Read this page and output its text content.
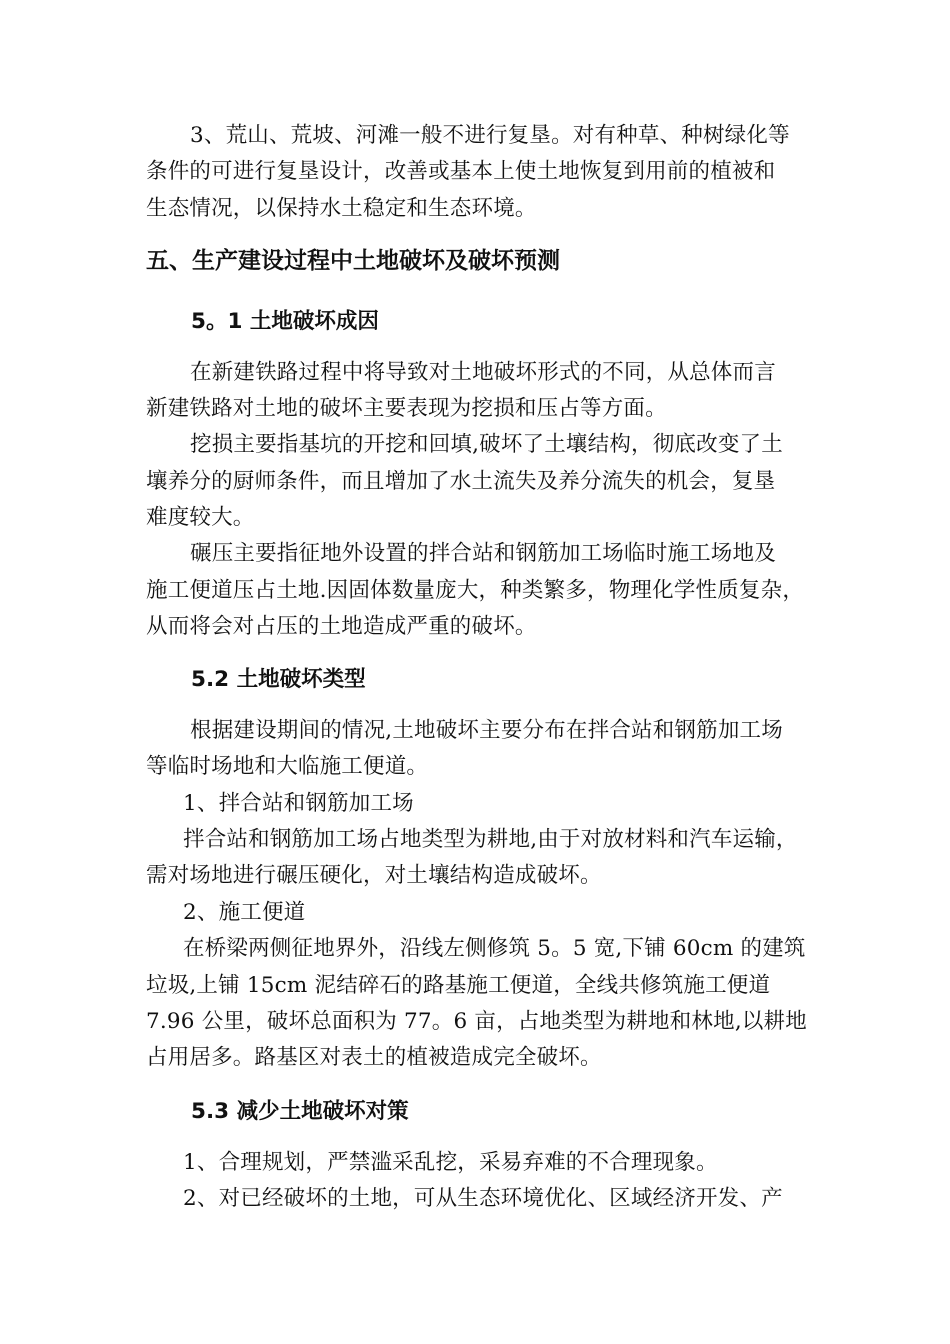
3、荒山、荒坡、河滩一般不进行复垦。对有种草、种树绿化等
条件的可进行复垦设计，改善或基本上使土地恢复到用前的植被和
生态情况，以保持水土稳定和生态环境。
五、生产建设过程中土地破坏及破坏预测
5。1 土地破坏成因
在新建铁路过程中将导致对土地破坏形式的不同，从总体而言
新建铁路对土地的破坏主要表现为挖损和压占等方面。
挖损主要指基坑的开挖和回填,破坏了土壤结构，彻底改变了土
壤养分的厨师条件，而且增加了水土流失及养分流失的机会，复垦
难度较大。
碾压主要指征地外设置的拌合站和钢筋加工场临时施工场地及
施工便道压占土地.因固体数量庞大，种类繁多，物理化学性质复杂，
从而将会对占压的土地造成严重的破坏。
5.2 土地破坏类型
根据建设期间的情况,土地破坏主要分布在拌合站和钢筋加工场
等临时场地和大临施工便道。
1、拌合站和钢筋加工场
拌合站和钢筋加工场占地类型为耕地,由于对放材料和汽车运输，
需对场地进行碾压硬化，对土壤结构造成破坏。
2、施工便道
在桥梁两侧征地界外，沿线左侧修筑 5。5 宽,下铺 60cm 的建筑
垃圾,上铺 15cm 泥结碎石的路基施工便道，全线共修筑施工便道
7.96 公里，破坏总面积为 77。6 亩，占地类型为耕地和林地,以耕地
占用居多。路基区对表土的植被造成完全破坏。
5.3 减少土地破坏对策
1、合理规划，严禁滥采乱挖，采易弃难的不合理现象。
2、对已经破坏的土地，可从生态环境优化、区域经济开发、产
